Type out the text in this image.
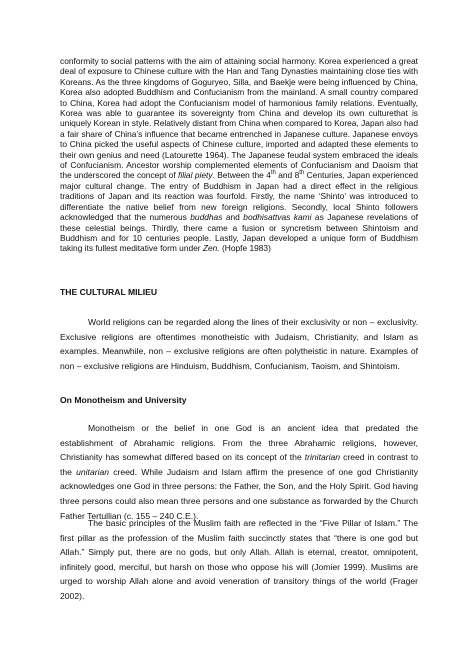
conformity to social patterns with the aim of attaining social harmony. Korea experienced a great deal of exposure to Chinese culture with the Han and Tang Dynasties maintaining close ties with Koreans. As the three kingdoms of Goguryeo, Silla, and Baekje were being influenced by China, Korea also adopted Buddhism and Confucianism from the mainland. A small country compared to China, Korea had adopt the Confucianism model of harmonious family relations. Eventually, Korea was able to guarantee its sovereignty from China and develop its own culturethat is uniquely Korean in style. Relatively distant from China when compared to Korea, Japan also had a fair share of China’s influence that became entrenched in Japanese culture. Japanese envoys to China picked the useful aspects of Chinese culture, imported and adapted these elements to their own genius and need (Latourette 1964). The Japanese feudal system embraced the ideals of Confucianism. Ancestor worship complemented elements of Confucianism and Daoism that the underscored the concept of filial piety. Between the 4th and 8th Centuries, Japan experienced major cultural change. The entry of Buddhism in Japan had a direct effect in the religious traditions of Japan and its reaction was fourfold. Firstly, the name ‘Shinto’ was introduced to differentiate the native belief from new foreign religions. Secondly, local Shinto followers acknowledged that the numerous buddhas and bodhisattvas kami as Japanese revelations of these celestial beings. Thirdly, there came a fusion or syncretism between Shintoism and Buddhism and for 10 centuries people. Lastly, Japan developed a unique form of Buddhism taking its fullest meditative form under Zen. (Hopfe 1983)

THE CULTURAL MILIEU

World religions can be regarded along the lines of their exclusivity or non – exclusivity. Exclusive religions are oftentimes monotheistic with Judaism, Christianity, and Islam as examples. Meanwhile, non – exclusive religions are often polytheistic in nature. Examples of non – exclusive religions are Hinduism, Buddhism, Confucianism, Taoism, and Shintoism.

On Monotheism and University

Monotheism or the belief in one God is an ancient idea that predated the establishment of Abrahamic religions. From the three Abrahamic religions, however, Christianity has somewhat differed based on its concept of the trinitarian creed in contrast to the unitarian creed. While Judaism and Islam affirm the presence of one god Christianity acknowledges one God in three persons: the Father, the Son, and the Holy Spirit. God having three persons could also mean three persons and one substance as forwarded by the Church Father Tertullian (c. 155 – 240 C.E.).

The basic principles of the Muslim faith are reflected in the “Five Pillar of Islam.” The first pillar as the profession of the Muslim faith succinctly states that “there is one god but Allah.” Simply put, there are no gods, but only Allah. Allah is eternal, creator, omnipotent, infinitely good, merciful, but harsh on those who oppose his will (Jomier 1999). Muslims are urged to worship Allah alone and avoid veneration of transitory things of the world (Frager 2002).
